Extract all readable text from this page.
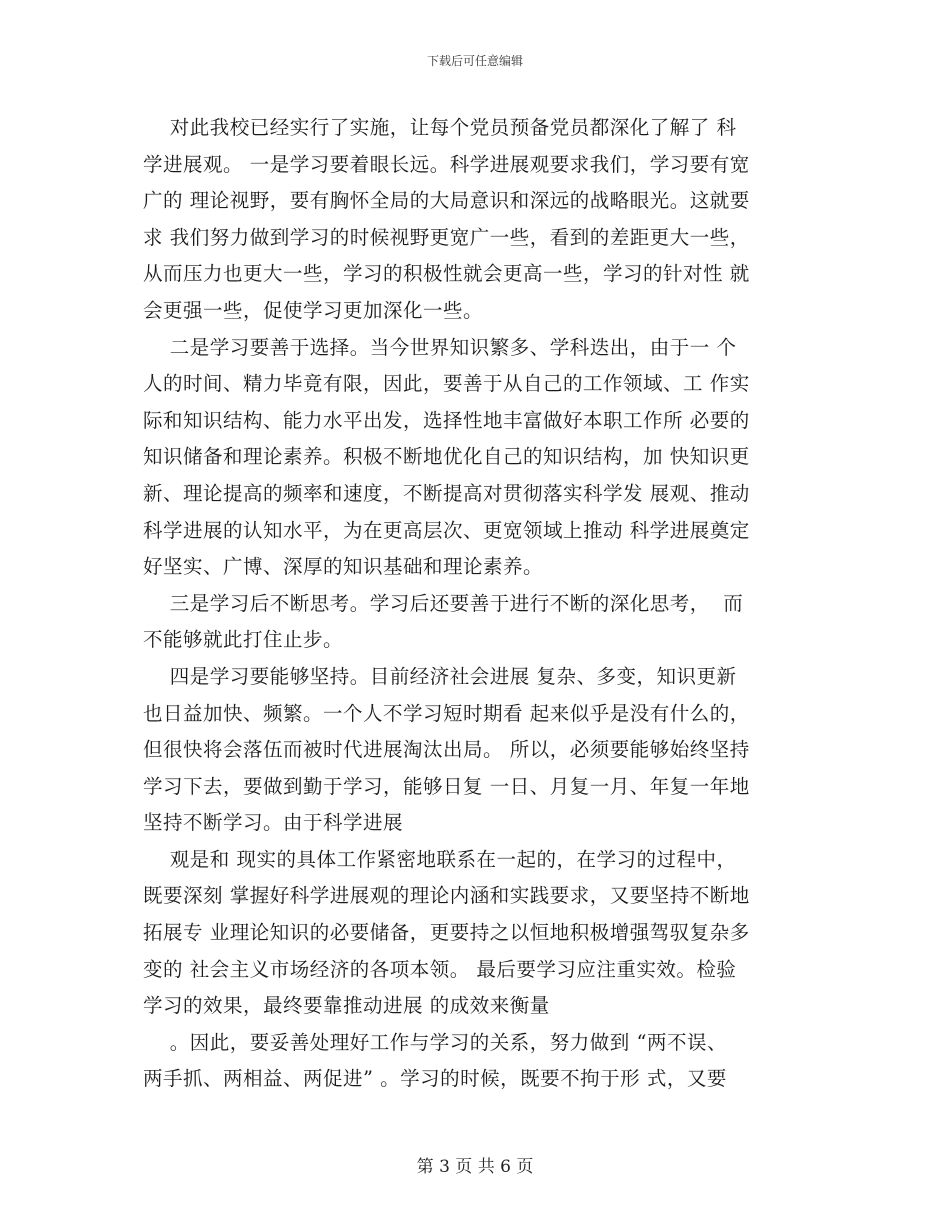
下载后可任意编辑
对此我校已经实行了实施，让每个党员预备党员都深化了解了 科
学进展观。 一是学习要着眼长远。科学进展观要求我们，学习要有宽
广的 理论视野，要有胸怀全局的大局意识和深远的战略眼光。这就要
求 我们努力做到学习的时候视野更宽广一些，看到的差距更大一些，
从而压力也更大一些，学习的积极性就会更高一些，学习的针对性 就
会更强一些，促使学习更加深化一些。
二是学习要善于选择。当今世界知识繁多、学科迭出，由于一 个
人的时间、精力毕竟有限，因此，要善于从自己的工作领域、工 作实
际和知识结构、能力水平出发，选择性地丰富做好本职工作所 必要的
知识储备和理论素养。积极不断地优化自己的知识结构，加 快知识更
新、理论提高的频率和速度，不断提高对贯彻落实科学发 展观、推动
科学进展的认知水平，为在更高层次、更宽领域上推动 科学进展奠定
好坚实、广博、深厚的知识基础和理论素养。
三是学习后不断思考。学习后还要善于进行不断的深化思考，  而
不能够就此打住止步。
四是学习要能够坚持。目前经济社会进展 复杂、多变，知识更新
也日益加快、频繁。一个人不学习短时期看 起来似乎是没有什么的，
但很快将会落伍而被时代进展淘汰出局。 所以，必须要能够始终坚持
学习下去，要做到勤于学习，能够日复 一日、月复一月、年复一年地
坚持不断学习。由于科学进展
观是和 现实的具体工作紧密地联系在一起的，在学习的过程中，
既要深刻 掌握好科学进展观的理论内涵和实践要求，又要坚持不断地
拓展专 业理论知识的必要储备，更要持之以恒地积极增强驾驭复杂多
变的 社会主义市场经济的各项本领。 最后要学习应注重实效。检验
学习的效果，最终要靠推动进展 的成效来衡量
。因此，要妥善处理好工作与学习的关系，努力做到 “两不误、
两手抓、两相益、两促进” 。学习的时候，既要不拘于形 式，又要
第 3 页 共 6 页
